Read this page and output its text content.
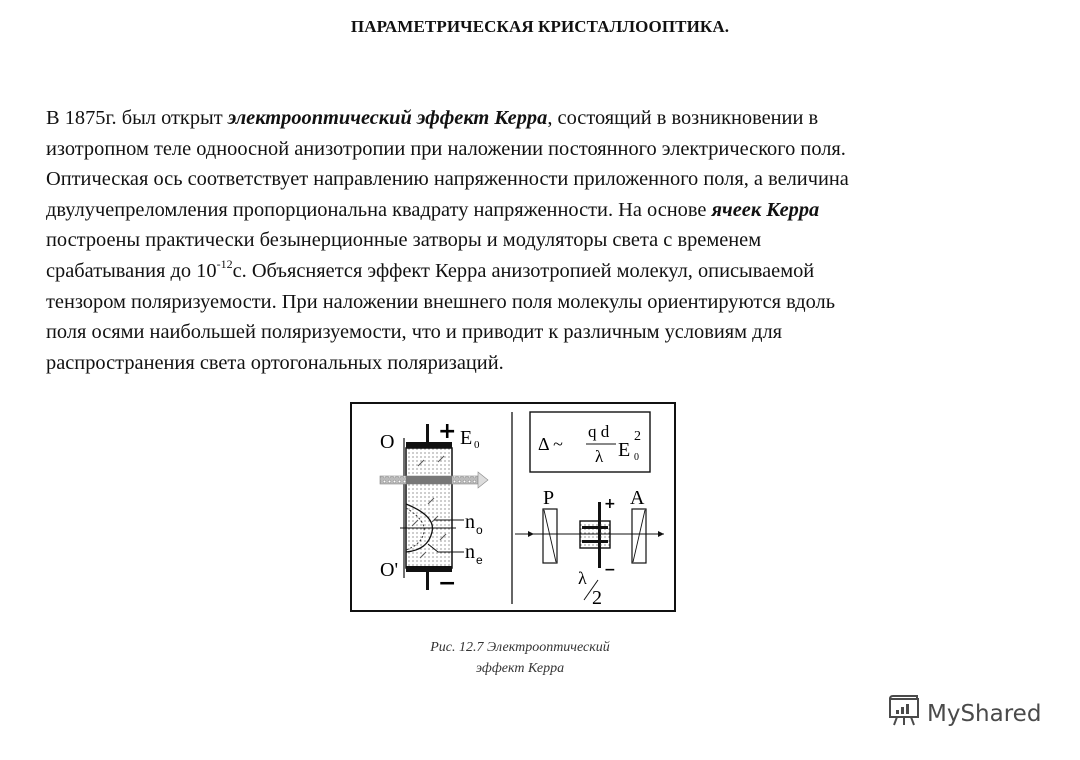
ПАРАМЕТРИЧЕСКАЯ КРИСТАЛЛООПТИКА.
В 1875г. был открыт электрооптический эффект Керра, состоящий в возникновении в
изотропном теле одноосной анизотропии при наложении постоянного электрического поля.
Оптическая ось соответствует направлению напряженности приложенного поля, а величина
двулучепреломления пропорциональна квадрату напряженности. На основе ячеек Керра
построены практически безынерционные затворы и модуляторы света с временем
срабатывания до $10^{-12}с$. Объясняется эффект Керра анизотропией молекул, описываемой
тензором поляризуемости. При наложении внешнего поля молекулы ориентируются вдоль
поля осями наибольшей поляризуемости, что и приводит к различным условиям для
распространения света ортогональных поляризаций.
O
O'
+
−
E 0
n o
n e
Δ ~
q d
λ E
2
0
P	A
+
−
λ
2
Рис. 12.7 Электрооптический
эффект Керра
MyShared
